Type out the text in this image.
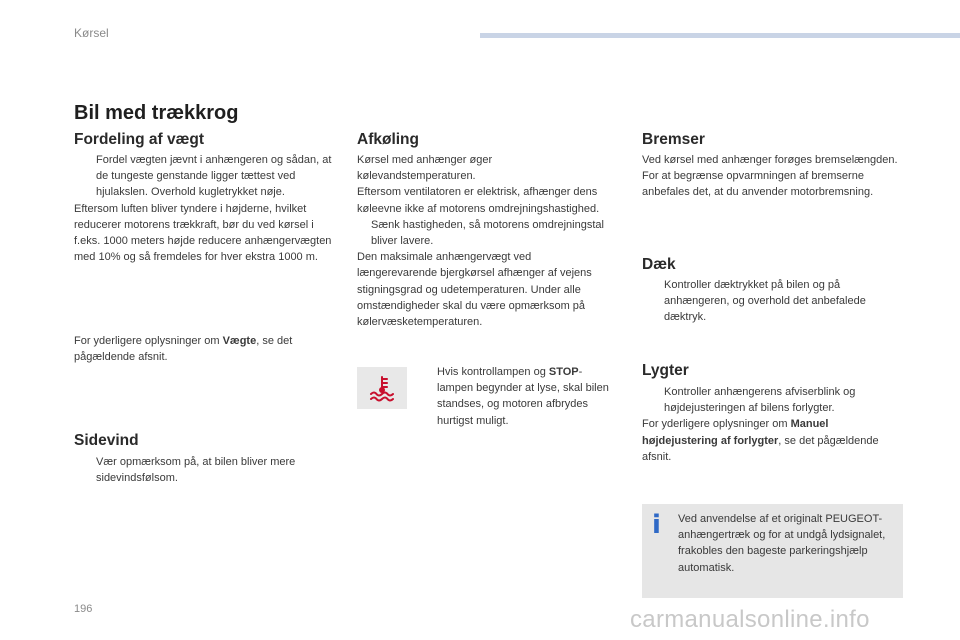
Kørsel
Bil med trækkrog
Fordeling af vægt
Fordel vægten jævnt i anhængeren og sådan, at de tungeste genstande ligger tættest ved hjulakslen. Overhold kugletrykket nøje.

Eftersom luften bliver tyndere i højderne, hvilket reducerer motorens trækkraft, bør du ved kørsel i f.eks. 1000 meters højde reducere anhængervægten med 10% og så fremdeles for hver ekstra 1000 m.

For yderligere oplysninger om Vægte, se det pågældende afsnit.
Sidevind
Vær opmærksom på, at bilen bliver mere sidevindsfølsom.
Afkøling

Kørsel med anhænger øger kølevandstemperaturen.

Eftersom ventilatoren er elektrisk, afhænger dens køleevne ikke af motorens omdrejningshastighed.

Sænk hastigheden, så motorens omdrejningstal bliver lavere.

Den maksimale anhængervægt ved længerevarende bjergkørsel afhænger af vejens stigningsgrad og udetemperaturen. Under alle omstændigheder skal du være opmærksom på kølervæsketemperaturen.

Hvis kontrollampen og STOP-lampen begynder at lyse, skal bilen standses, og motoren afbrydes hurtigst muligt.
Bremser

Ved kørsel med anhænger forøges bremselængden.

For at begrænse opvarmningen af bremserne anbefales det, at du anvender motorbremsning.

Dæk
Kontroller dæktrykket på bilen og på anhængeren, og overhold det anbefalede dæktryk.
Lygter
Kontroller anhængerens afviserblink og højdejusteringen af bilens forlygter.

For yderligere oplysninger om Manuel højdejustering af forlygter, se det pågældende afsnit.

i Ved anvendelse af et originalt PEUGEOT-anhængertræk og for at undgå lydsignalet, frakobles den bageste parkeringshjælp automatisk.
196	carmanualsonline.info
